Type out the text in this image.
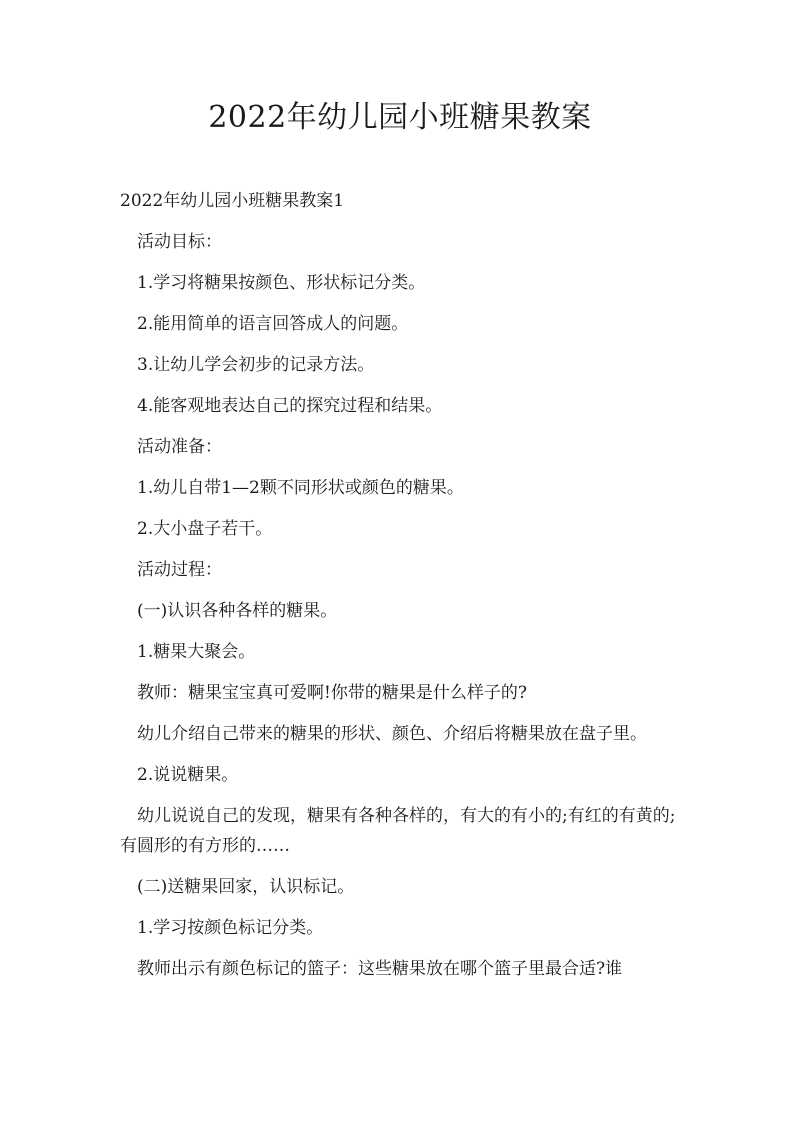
2022年幼儿园小班糖果教案

2022年幼儿园小班糖果教案1

活动目标：

1.学习将糖果按颜色、形状标记分类。

2.能用简单的语言回答成人的问题。

3.让幼儿学会初步的记录方法。

4.能客观地表达自己的探究过程和结果。

活动准备：

1.幼儿自带1—2颗不同形状或颜色的糖果。

2.大小盘子若干。

活动过程：

(一)认识各种各样的糖果。

1.糖果大聚会。

教师：糖果宝宝真可爱啊!你带的糖果是什么样子的?

幼儿介绍自己带来的糖果的形状、颜色、介绍后将糖果放在盘子里。

2.说说糖果。

幼儿说说自己的发现，糖果有各种各样的，有大的有小的;有红的有黄的;有圆形的有方形的……

(二)送糖果回家，认识标记。

1.学习按颜色标记分类。

教师出示有颜色标记的篮子：这些糖果放在哪个篮子里最合适?谁
